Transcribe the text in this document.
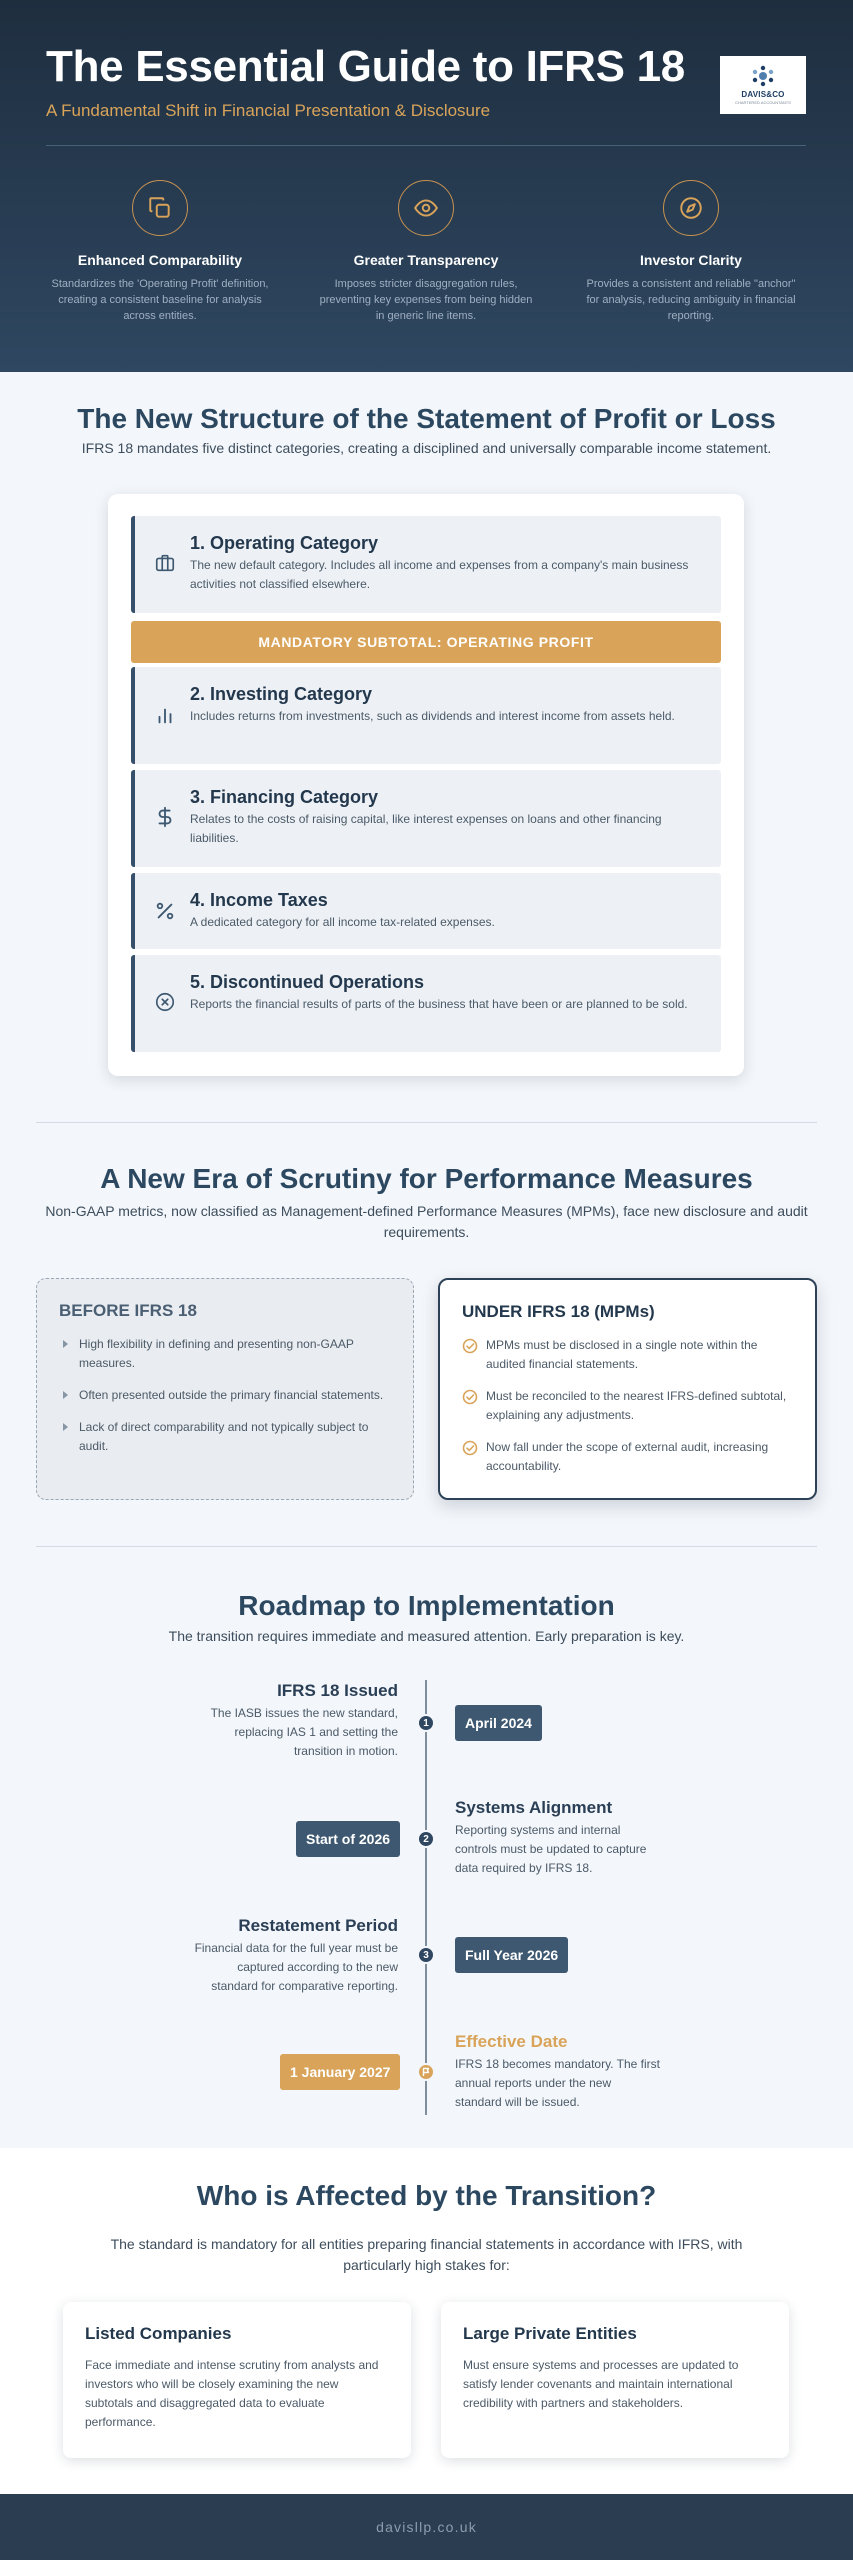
The Essential Guide to IFRS 18
A Fundamental Shift in Financial Presentation & Disclosure
DAVIS&CO
CHARTERED ACCOUNTANTS
Enhanced Comparability
Standardizes the 'Operating Profit' definition, creating a consistent baseline for analysis across entities.
Greater Transparency
Imposes stricter disaggregation rules, preventing key expenses from being hidden in generic line items.
Investor Clarity
Provides a consistent and reliable "anchor" for analysis, reducing ambiguity in financial reporting.
The New Structure of the Statement of Profit or Loss
IFRS 18 mandates five distinct categories, creating a disciplined and universally comparable income statement.
1. Operating Category
The new default category. Includes all income and expenses from a company's main business activities not classified elsewhere.
MANDATORY SUBTOTAL: OPERATING PROFIT
2. Investing Category
Includes returns from investments, such as dividends and interest income from assets held.
3. Financing Category
Relates to the costs of raising capital, like interest expenses on loans and other financing liabilities.
4. Income Taxes
A dedicated category for all income tax-related expenses.
5. Discontinued Operations
Reports the financial results of parts of the business that have been or are planned to be sold.
A New Era of Scrutiny for Performance Measures
Non-GAAP metrics, now classified as Management-defined Performance Measures (MPMs), face new disclosure and audit requirements.
BEFORE IFRS 18
High flexibility in defining and presenting non-GAAP measures.
Often presented outside the primary financial statements.
Lack of direct comparability and not typically subject to audit.
UNDER IFRS 18 (MPMs)
MPMs must be disclosed in a single note within the audited financial statements.
Must be reconciled to the nearest IFRS-defined subtotal, explaining any adjustments.
Now fall under the scope of external audit, increasing accountability.
Roadmap to Implementation
The transition requires immediate and measured attention. Early preparation is key.
IFRS 18 Issued
The IASB issues the new standard, replacing IAS 1 and setting the transition in motion.
1	April 2024
Start of 2026	2
Systems Alignment
Reporting systems and internal controls must be updated to capture data required by IFRS 18.
Restatement Period
Financial data for the full year must be captured according to the new standard for comparative reporting.
3	Full Year 2026
1 January 2027
Effective Date
IFRS 18 becomes mandatory. The first annual reports under the new standard will be issued.
Who is Affected by the Transition?
The standard is mandatory for all entities preparing financial statements in accordance with IFRS, with particularly high stakes for:
Listed Companies
Face immediate and intense scrutiny from analysts and investors who will be closely examining the new subtotals and disaggregated data to evaluate performance.
Large Private Entities
Must ensure systems and processes are updated to satisfy lender covenants and maintain international credibility with partners and stakeholders.
davisllp.co.uk
